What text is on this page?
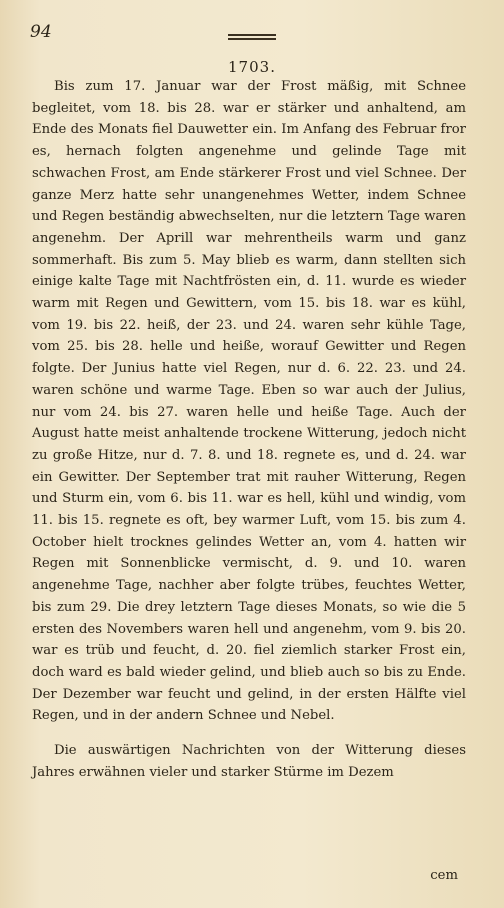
94
1703.

Bis zum 17. Januar war der Frost mäßig, mit Schnee begleitet, vom 18. bis 28. war er stärker und anhaltend, am Ende des Monats fiel Dauwetter ein. Im Anfang des Februar fror es, hernach folgten angenehme und gelinde Tage mit schwachen Frost, am Ende stärkerer Frost und viel Schnee. Der ganze Merz hatte sehr unangenehmes Wetter, indem Schnee und Regen beständig abwechselten, nur die letztern Tage waren angenehm. Der Aprill war mehrentheils warm und ganz sommerhaft. Bis zum 5. May blieb es warm, dann stellten sich einige kalte Tage mit Nachtfrösten ein, d. 11. wurde es wieder warm mit Regen und Gewittern, vom 15. bis 18. war es kühl, vom 19. bis 22. heiß, der 23. und 24. waren sehr kühle Tage, vom 25. bis 28. helle und heiße, worauf Gewitter und Regen folgte. Der Junius hatte viel Regen, nur d. 6. 22. 23. und 24. waren schöne und warme Tage. Eben so war auch der Julius, nur vom 24. bis 27. waren helle und heiße Tage. Auch der August hatte meist anhaltende trockene Witterung, jedoch nicht zu große Hitze, nur d. 7. 8. und 18. regnete es, und d. 24. war ein Gewitter. Der September trat mit rauher Witterung, Regen und Sturm ein, vom 6. bis 11. war es hell, kühl und windig, vom 11. bis 15. regnete es oft, bey warmer Luft, vom 15. bis zum 4. October hielt trocknes gelindes Wetter an, vom 4. hatten wir Regen mit Sonnenblicke vermischt, d. 9. und 10. waren angenehme Tage, nachher aber folgte trübes, feuchtes Wetter, bis zum 29. Die drey letztern Tage dieses Monats, so wie die 5 ersten des Novembers waren hell und angenehm, vom 9. bis 20. war es trüb und feucht, d. 20. fiel ziemlich starker Frost ein, doch ward es bald wieder gelind, und blieb auch so bis zu Ende. Der Dezember war feucht und gelind, in der ersten Hälfte viel Regen, und in der andern Schnee und Nebel.

Die auswärtigen Nachrichten von der Witterung dieses Jahres erwähnen vieler und starker Stürme im Dezem

cem
